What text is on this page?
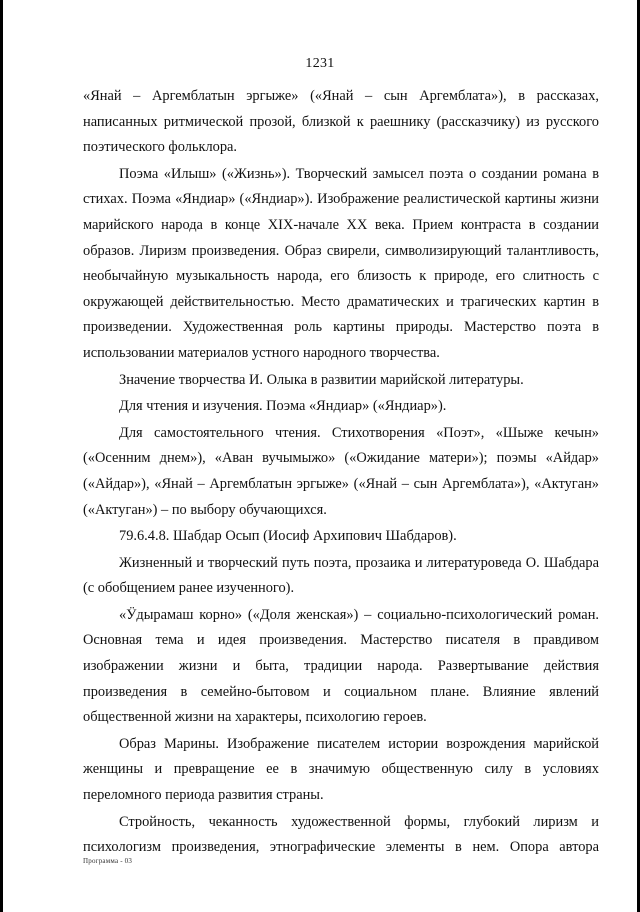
1231

«Янай – Аргемблатын эргыже» («Янай – сын Аргемблата»), в рассказах, написанных ритмической прозой, близкой к раешнику (рассказчику) из русского поэтического фольклора.

Поэма «Илыш» («Жизнь»). Творческий замысел поэта о создании романа в стихах. Поэма «Яндиар» («Яндиар»). Изображение реалистической картины жизни марийского народа в конце XIX-начале XX века. Прием контраста в создании образов. Лиризм произведения. Образ свирели, символизирующий талантливость, необычайную музыкальность народа, его близость к природе, его слитность с окружающей действительностью. Место драматических и трагических картин в произведении. Художественная роль картины природы. Мастерство поэта в использовании материалов устного народного творчества.

Значение творчества И. Олыка в развитии марийской литературы.

Для чтения и изучения. Поэма «Яндиар» («Яндиар»).

Для самостоятельного чтения. Стихотворения «Поэт», «Шыже кечын» («Осенним днем»), «Аван вучымыжо» («Ожидание матери»); поэмы «Айдар» («Айдар»), «Янай – Аргемблатын эргыже» («Янай – сын Аргемблата»), «Актуган» («Актуган») – по выбору обучающихся.

79.6.4.8. Шабдар Осып (Иосиф Архипович Шабдаров).

Жизненный и творческий путь поэта, прозаика и литературоведа О. Шабдара (с обобщением ранее изученного).

«Ӱдырамаш корно» («Доля женская») – социально-психологический роман. Основная тема и идея произведения. Мастерство писателя в правдивом изображении жизни и быта, традиции народа. Развертывание действия произведения в семейно-бытовом и социальном плане. Влияние явлений общественной жизни на характеры, психологию героев.

Образ Марины. Изображение писателем истории возрождения марийской женщины и превращение ее в значимую общественную силу в условиях переломного периода развития страны.

Стройность, чеканность художественной формы, глубокий лиризм и психологизм произведения, этнографические элементы в нем. Опора автора

Программа - 03
